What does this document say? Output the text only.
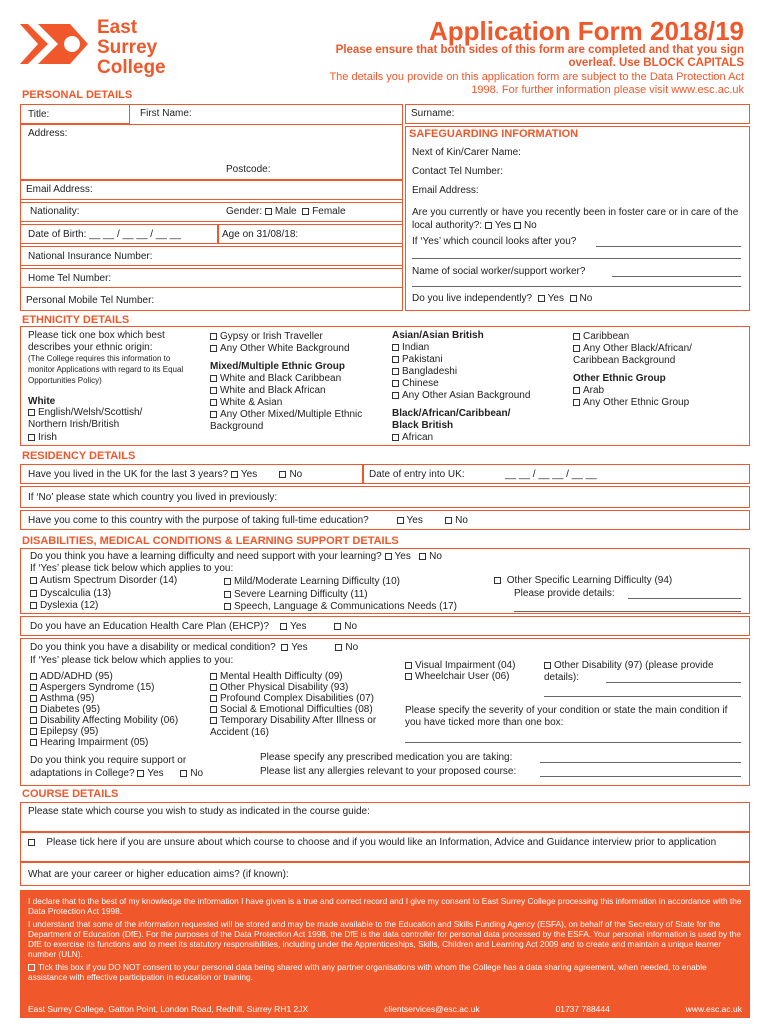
East
Surrey
College
Application Form 2018/19
Please ensure that both sides of this form are completed and that you sign overleaf. Use BLOCK CAPITALS
The details you provide on this application form are subject to the Data Protection Act 1998. For further information please visit www.esc.ac.uk
PERSONAL DETAILS
Title:	First Name:
Address:
Postcode:
Email Address:
Nationality:	Gender: Male Female
Date of Birth: __ __ / __ __ / __ __	Age on 31/08/18:
National Insurance Number:
Home Tel Number:
Personal Mobile Tel Number:
Surname:
SAFEGUARDING INFORMATION
Next of Kin/Carer Name:
Contact Tel Number:
Email Address:
Are you currently or have you recently been in foster care or in care of the local authority?: Yes No
If ‘Yes’ which council looks after you?
Name of social worker/support worker?
Do you live independently? Yes No
ETHNICITY DETAILS
Please tick one box which best describes your ethnic origin:
(The College requires this information to monitor Applications with regard to its Equal Opportunities Policy)
White
English/Welsh/Scottish/ Northern Irish/British
Irish
Gypsy or Irish Traveller
Any Other White Background
Mixed/Multiple Ethnic Group
White and Black Caribbean
White and Black African
White & Asian
Any Other Mixed/Multiple Ethnic Background
Asian/Asian British
Indian
Pakistani
Bangladeshi
Chinese
Any Other Asian Background
Black/African/Caribbean/ Black British
African
Caribbean
Any Other Black/African/ Caribbean Background
Other Ethnic Group
Arab
Any Other Ethnic Group
RESIDENCY DETAILS
Have you lived in the UK for the last 3 years? Yes	No	Date of entry into UK:	__ __ / __ __ / __ __
If ‘No’ please state which country you lived in previously:
Have you come to this country with the purpose of taking full-time education?	Yes	No
DISABILITIES, MEDICAL CONDITIONS & LEARNING SUPPORT DETAILS
Do you think you have a learning difficulty and need support with your learning? Yes No
If ‘Yes’ please tick below which applies to you:
Autism Spectrum Disorder (14)
Dyscalculia (13)
Dyslexia (12)
Mild/Moderate Learning Difficulty (10)
Severe Learning Difficulty (11)
Speech, Language & Communications Needs (17)
Other Specific Learning Difficulty (94)
Please provide details:
Do you have an Education Health Care Plan (EHCP)? Yes	No
Do you think you have a disability or medical condition? Yes	No
If ‘Yes’ please tick below which applies to you:
ADD/ADHD (95)
Aspergers Syndrome (15)
Asthma (95)
Diabetes (95)
Disability Affecting Mobility (06)
Epilepsy (95)
Hearing Impairment (05)
Mental Health Difficulty (09)
Other Physical Disability (93)
Profound Complex Disabilities (07)
Social & Emotional Difficulties (08)
Temporary Disability After Illness or Accident (16)
Visual Impairment (04)
Wheelchair User (06)
Other Disability (97) (please provide details):
Please specify the severity of your condition or state the main condition if you have ticked more than one box:
Do you think you require support or adaptations in College? Yes	No
Please specify any prescribed medication you are taking:
Please list any allergies relevant to your proposed course:
COURSE DETAILS
Please state which course you wish to study as indicated in the course guide:
Please tick here if you are unsure about which course to choose and if you would like an Information, Advice and Guidance interview prior to application
What are your career or higher education aims? (if known):

I declare that to the best of my knowledge the information I have given is a true and correct record and I give my consent to East Surrey College processing this information in accordance with the Data Protection Act 1998.

I understand that some of the information requested will be stored and may be made available to the Education and Skills Funding Agency (ESFA), on behalf of the Secretary of State for the Department of Education (DfE). For the purposes of the Data Protection Act 1998, the DfE is the data controller for personal data processed by the ESFA. Your personal information is used by the DfE to exercise its functions and to meet its statutory responsibilities, including under the Apprenticeships, Skills, Children and Learning Act 2009 and to create and maintain a unique learner number (ULN).

Tick this box if you DO NOT consent to your personal data being shared with any partner organisations with whom the College has a data sharing agreement, when needed, to enable assistance with effective participation in education or training.

East Surrey College, Gatton Point, London Road, Redhill, Surrey RH1 2JX	clientservices@esc.ac.uk	01737 788444	www.esc.ac.uk
